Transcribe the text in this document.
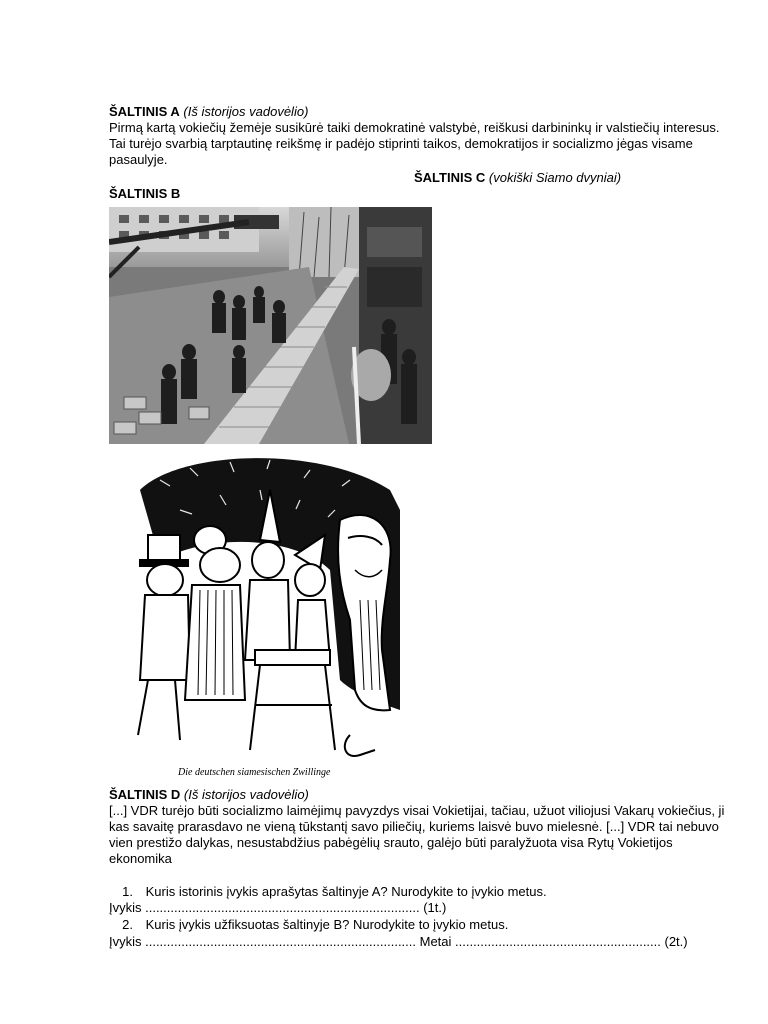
ŠALTINIS A (Iš istorijos vadovėlio)
Pirmą kartą vokiečių žemėje susikūrė taiki demokratinė valstybė, reiškusi darbininkų ir valstiečių interesus. Tai turėjo svarbią tarptautinę reikšmę ir padėjo stiprinti taikos, demokratijos ir socializmo jėgas visame pasaulyje.
ŠALTINIS C (vokiški Siamo dvyniai)
ŠALTINIS B
Die deutschen siamesischen Zwillinge
ŠALTINIS D (Iš istorijos vadovėlio)
[...] VDR turėjo būti socializmo laimėjimų pavyzdys visai Vokietijai, tačiau, užuot viliojusi Vakarų vokiečius, ji kas savaitę prarasdavo ne vieną tūkstantį savo piliečių, kuriems laisvė buvo mielesnė. [...] VDR tai nebuvo vien prestižo dalykas, nesustabdžius pabėgėlių srauto, galėjo būti paralyžuota visa Rytų Vokietijos ekonomika
1. Kuris istorinis įvykis aprašytas šaltinyje A? Nurodykite to įvykio metus.
Įvykis ............................................................................ (1t.)
2. Kuris įvykis užfiksuotas šaltinyje B? Nurodykite to įvykio metus.
Įvykis ........................................................................... Metai ......................................................... (2t.)
